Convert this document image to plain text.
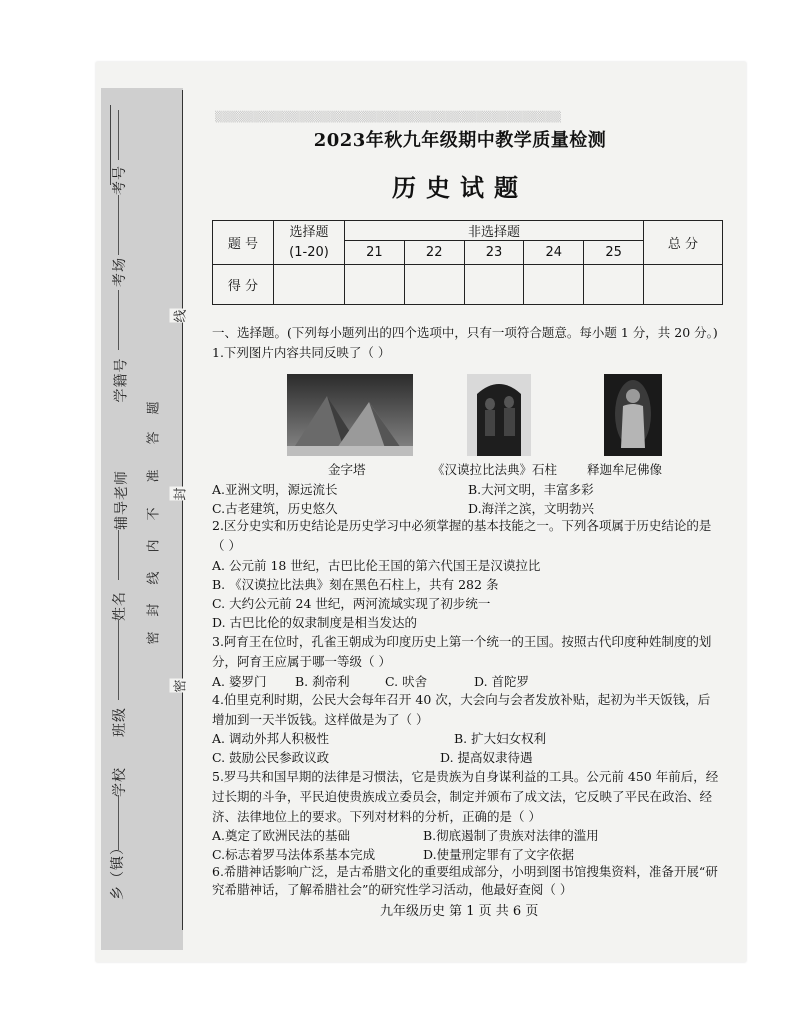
▒▒▒▒▒▒▒▒▒▒▒▒▒▒▒▒▒▒▒▒▒▒▒▒▒▒▒▒▒▒▒▒▒▒▒▒▒▒▒▒▒▒▒▒▒
考号
考场
学籍号
辅导老师
姓名
班级
学校
乡（镇）
密
封
线
内
不
准
答
题
线
封
密
2023年秋九年级期中教学质量检测
历史试题
题 号	选择题	非选择题					总 分
	(1-20)	21	22	23	24	25	
得 分							
一、选择题。(下列每小题列出的四个选项中，只有一项符合题意。每小题 1 分，共 20 分。)
1.下列图片内容共同反映了（ ）
金字塔	《汉谟拉比法典》石柱 释迦牟尼佛像
A.亚洲文明，源远流长	B.大河文明，丰富多彩
C.古老建筑，历史悠久	D.海洋之滨，文明勃兴
2.区分史实和历史结论是历史学习中必须掌握的基本技能之一。下列各项属于历史结论的是
（ ）
A. 公元前 18 世纪，古巴比伦王国的第六代国王是汉谟拉比
B. 《汉谟拉比法典》刻在黑色石柱上，共有 282 条
C. 大约公元前 24 世纪，两河流域实现了初步统一
D. 古巴比伦的奴隶制度是相当发达的
3.阿育王在位时，孔雀王朝成为印度历史上第一个统一的王国。按照古代印度种姓制度的划
分，阿育王应属于哪一等级（ ）
A. 婆罗门 B. 刹帝利	C. 吠舍	D. 首陀罗
4.伯里克利时期，公民大会每年召开 40 次，大会向与会者发放补贴，起初为半天饭钱，后
增加到一天半饭钱。这样做是为了（ ）
A. 调动外邦人积极性	B. 扩大妇女权利
C. 鼓励公民参政议政	D. 提高奴隶待遇
5.罗马共和国早期的法律是习惯法，它是贵族为自身谋利益的工具。公元前 450 年前后，经
过长期的斗争，平民迫使贵族成立委员会，制定并颁布了成文法，它反映了平民在政治、经
济、法律地位上的要求。下列对材料的分析，正确的是（ ）
A.奠定了欧洲民法的基础	B.彻底遏制了贵族对法律的滥用
C.标志着罗马法体系基本完成	D.使量刑定罪有了文字依据
6.希腊神话影响广泛，是古希腊文化的重要组成部分，小明到图书馆搜集资料，准备开展“研
究希腊神话，了解希腊社会”的研究性学习活动，他最好查阅（ ）
九年级历史 第 1 页 共 6 页
